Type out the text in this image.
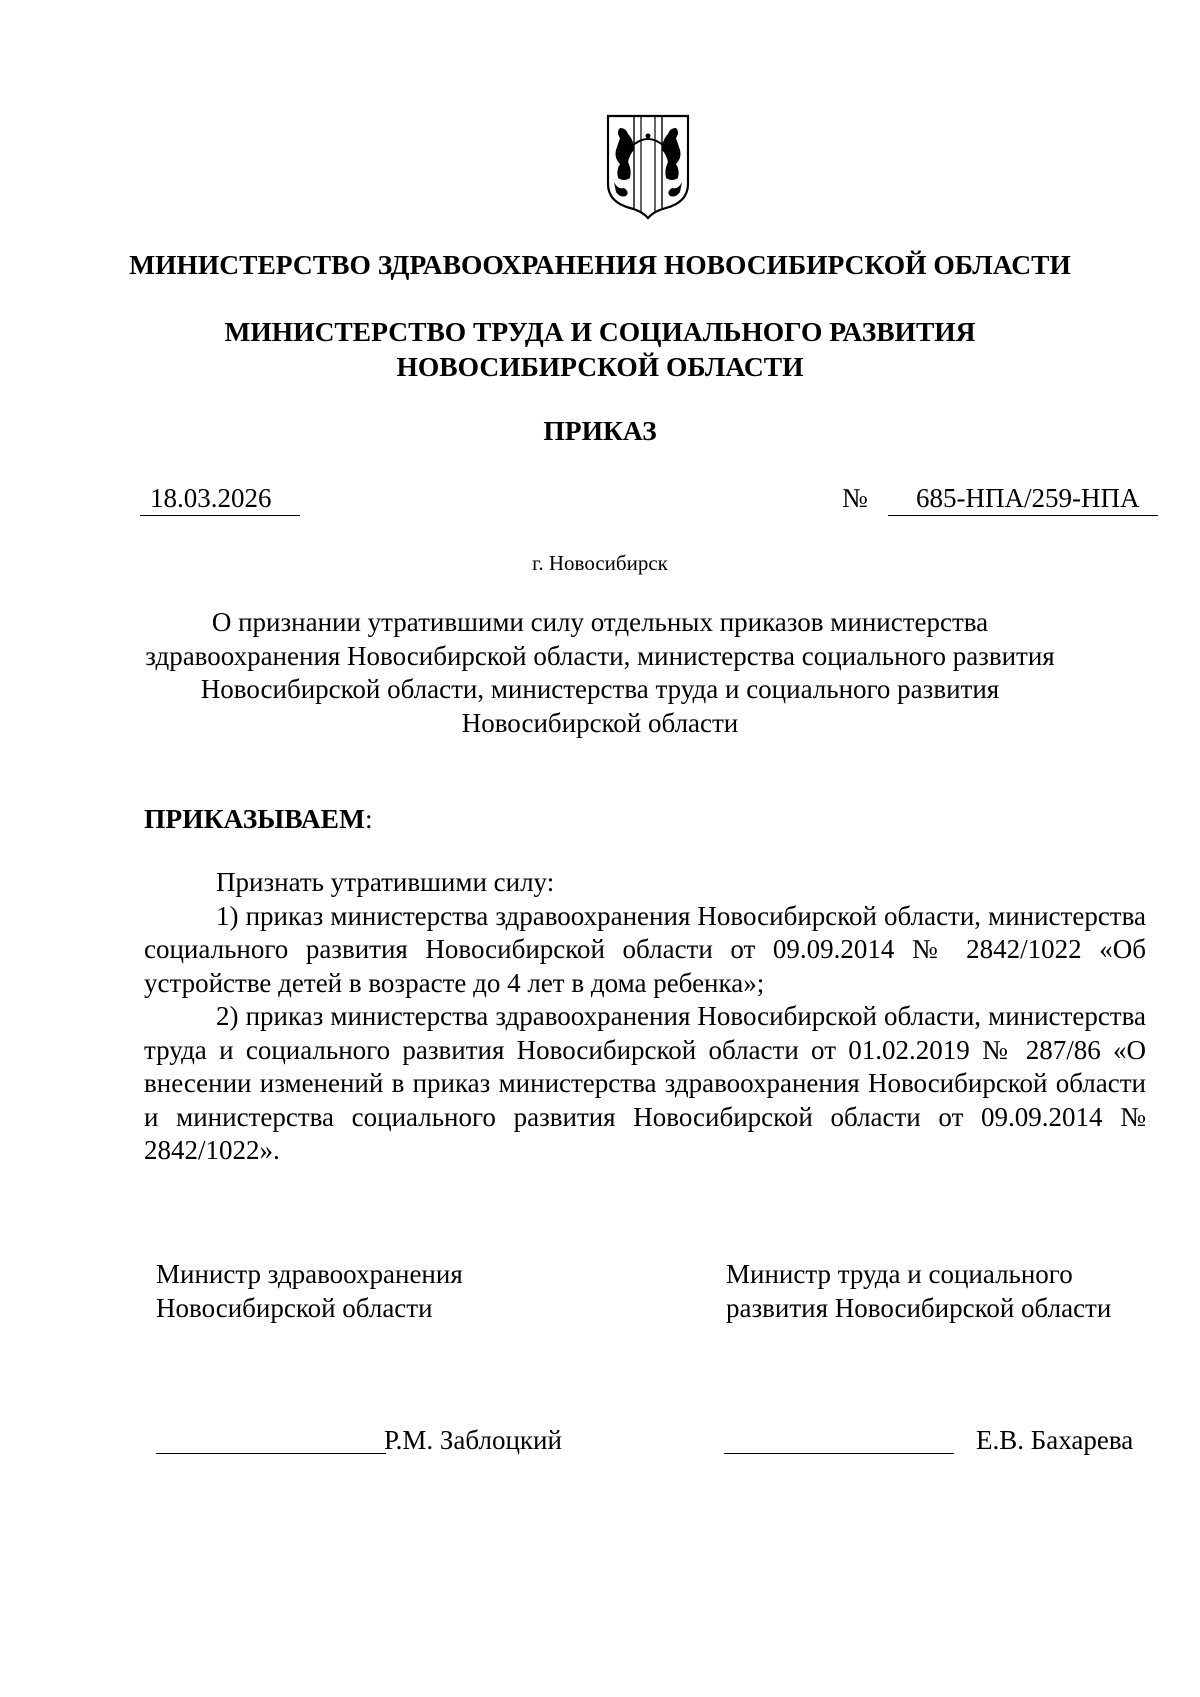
МИНИСТЕРСТВО ЗДРАВООХРАНЕНИЯ НОВОСИБИРСКОЙ ОБЛАСТИ
МИНИСТЕРСТВО ТРУДА И СОЦИАЛЬНОГО РАЗВИТИЯ
НОВОСИБИРСКОЙ ОБЛАСТИ
ПРИКАЗ
18.03.2026	№	685-НПА/259-НПА
г. Новосибирск
О признании утратившими силу отдельных приказов министерства
здравоохранения Новосибирской области, министерства социального развития
Новосибирской области, министерства труда и социального развития
Новосибирской области
ПРИКАЗЫВАЕМ:

Признать утратившими силу:

1) приказ министерства здравоохранения Новосибирской области, министерства социального развития Новосибирской области от 09.09.2014 № 2842/1022 «Об устройстве детей в возрасте до 4 лет в дома ребенка»;

2) приказ министерства здравоохранения Новосибирской области, министерства труда и социального развития Новосибирской области от 01.02.2019 № 287/86 «О внесении изменений в приказ министерства здравоохранения Новосибирской области и министерства социального развития Новосибирской области от 09.09.2014 № 2842/1022».

Министр здравоохранения
Новосибирской области
Министр труда и социального
развития Новосибирской области
Р.М. Заблоцкий	Е.В. Бахарева
